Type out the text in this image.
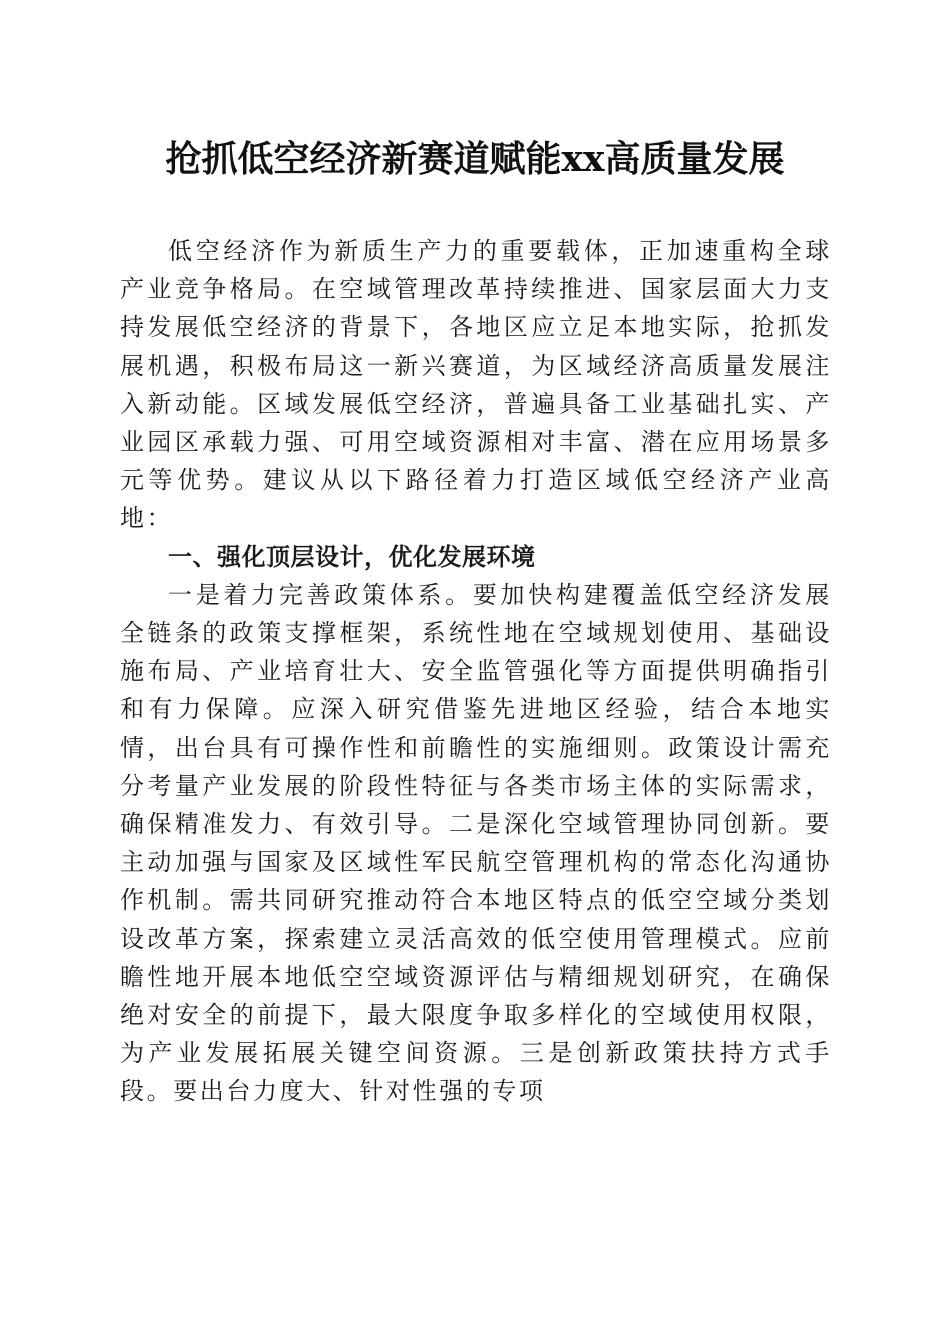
抢抓低空经济新赛道赋能xx高质量发展

低空经济作为新质生产力的重要载体，正加速重构全球产业竞争格局。在空域管理改革持续推进、国家层面大力支持发展低空经济的背景下，各地区应立足本地实际，抢抓发展机遇，积极布局这一新兴赛道，为区域经济高质量发展注入新动能。区域发展低空经济，普遍具备工业基础扎实、产业园区承载力强、可用空域资源相对丰富、潜在应用场景多元等优势。建议从以下路径着力打造区域低空经济产业高地：

一、强化顶层设计，优化发展环境

一是着力完善政策体系。要加快构建覆盖低空经济发展全链条的政策支撑框架，系统性地在空域规划使用、基础设施布局、产业培育壮大、安全监管强化等方面提供明确指引和有力保障。应深入研究借鉴先进地区经验，结合本地实情，出台具有可操作性和前瞻性的实施细则。政策设计需充分考量产业发展的阶段性特征与各类市场主体的实际需求，确保精准发力、有效引导。二是深化空域管理协同创新。要主动加强与国家及区域性军民航空管理机构的常态化沟通协作机制。需共同研究推动符合本地区特点的低空空域分类划设改革方案，探索建立灵活高效的低空使用管理模式。应前瞻性地开展本地低空空域资源评估与精细规划研究，在确保绝对安全的前提下，最大限度争取多样化的空域使用权限，为产业发展拓展关键空间资源。三是创新政策扶持方式手段。要出台力度大、针对性强的专项
